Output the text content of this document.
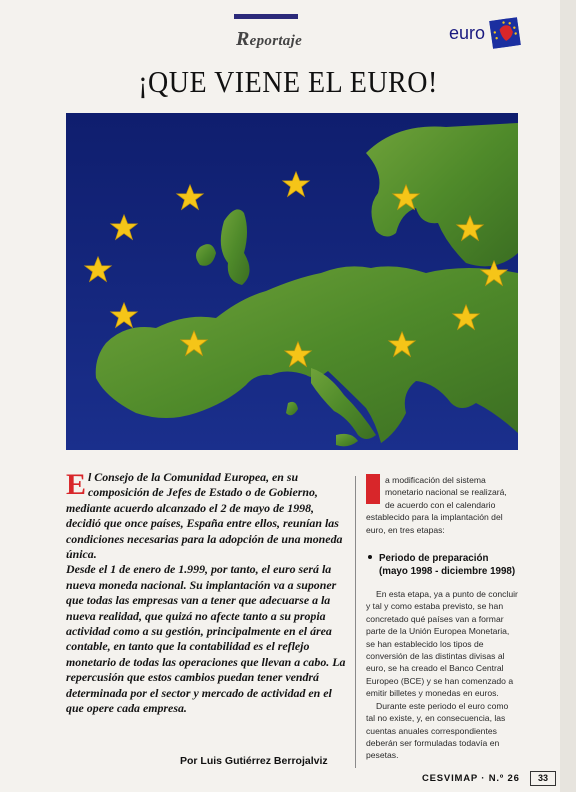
Reportaje	euro
¡QUE VIENE EL EURO!

El Consejo de la Comunidad Europea, en su composición de Jefes de Estado o de Gobierno, mediante acuerdo alcanzado el 2 de mayo de 1998, decidió que once países, España entre ellos, reunían las condiciones necesarias para la adopción de una moneda única.

Desde el 1 de enero de 1.999, por tanto, el euro será la nueva moneda nacional. Su implantación va a suponer que todas las empresas van a tener que adecuarse a la nueva realidad, que quizá no afecte tanto a su propia actividad como a su gestión, principalmente en el área contable, en tanto que la contabilidad es el reflejo monetario de todas las operaciones que llevan a cabo. La repercusión que estos cambios puedan tener vendrá determinada por el sector y mercado de actividad en el que opere cada empresa.

a modificación del sistema monetario nacional se realizará, de acuerdo con el calendario establecido para la implantación del euro, en tres etapas:

Periodo de preparación
(mayo 1998 - diciembre 1998)

En esta etapa, ya a punto de concluir y tal y como estaba previsto, se han concretado qué países van a formar parte de la Unión Europea Monetaria, se han establecido los tipos de conversión de las distintas divisas al euro, se ha creado el Banco Central Europeo (BCE) y se han comenzado a emitir billetes y monedas en euros.

Durante este periodo el euro como tal no existe, y, en consecuencia, las cuentas anuales correspondientes deberán ser formuladas todavía en pesetas.

Por Luis Gutiérrez Berrojalviz
CESVIMAP · N.º 26	33
